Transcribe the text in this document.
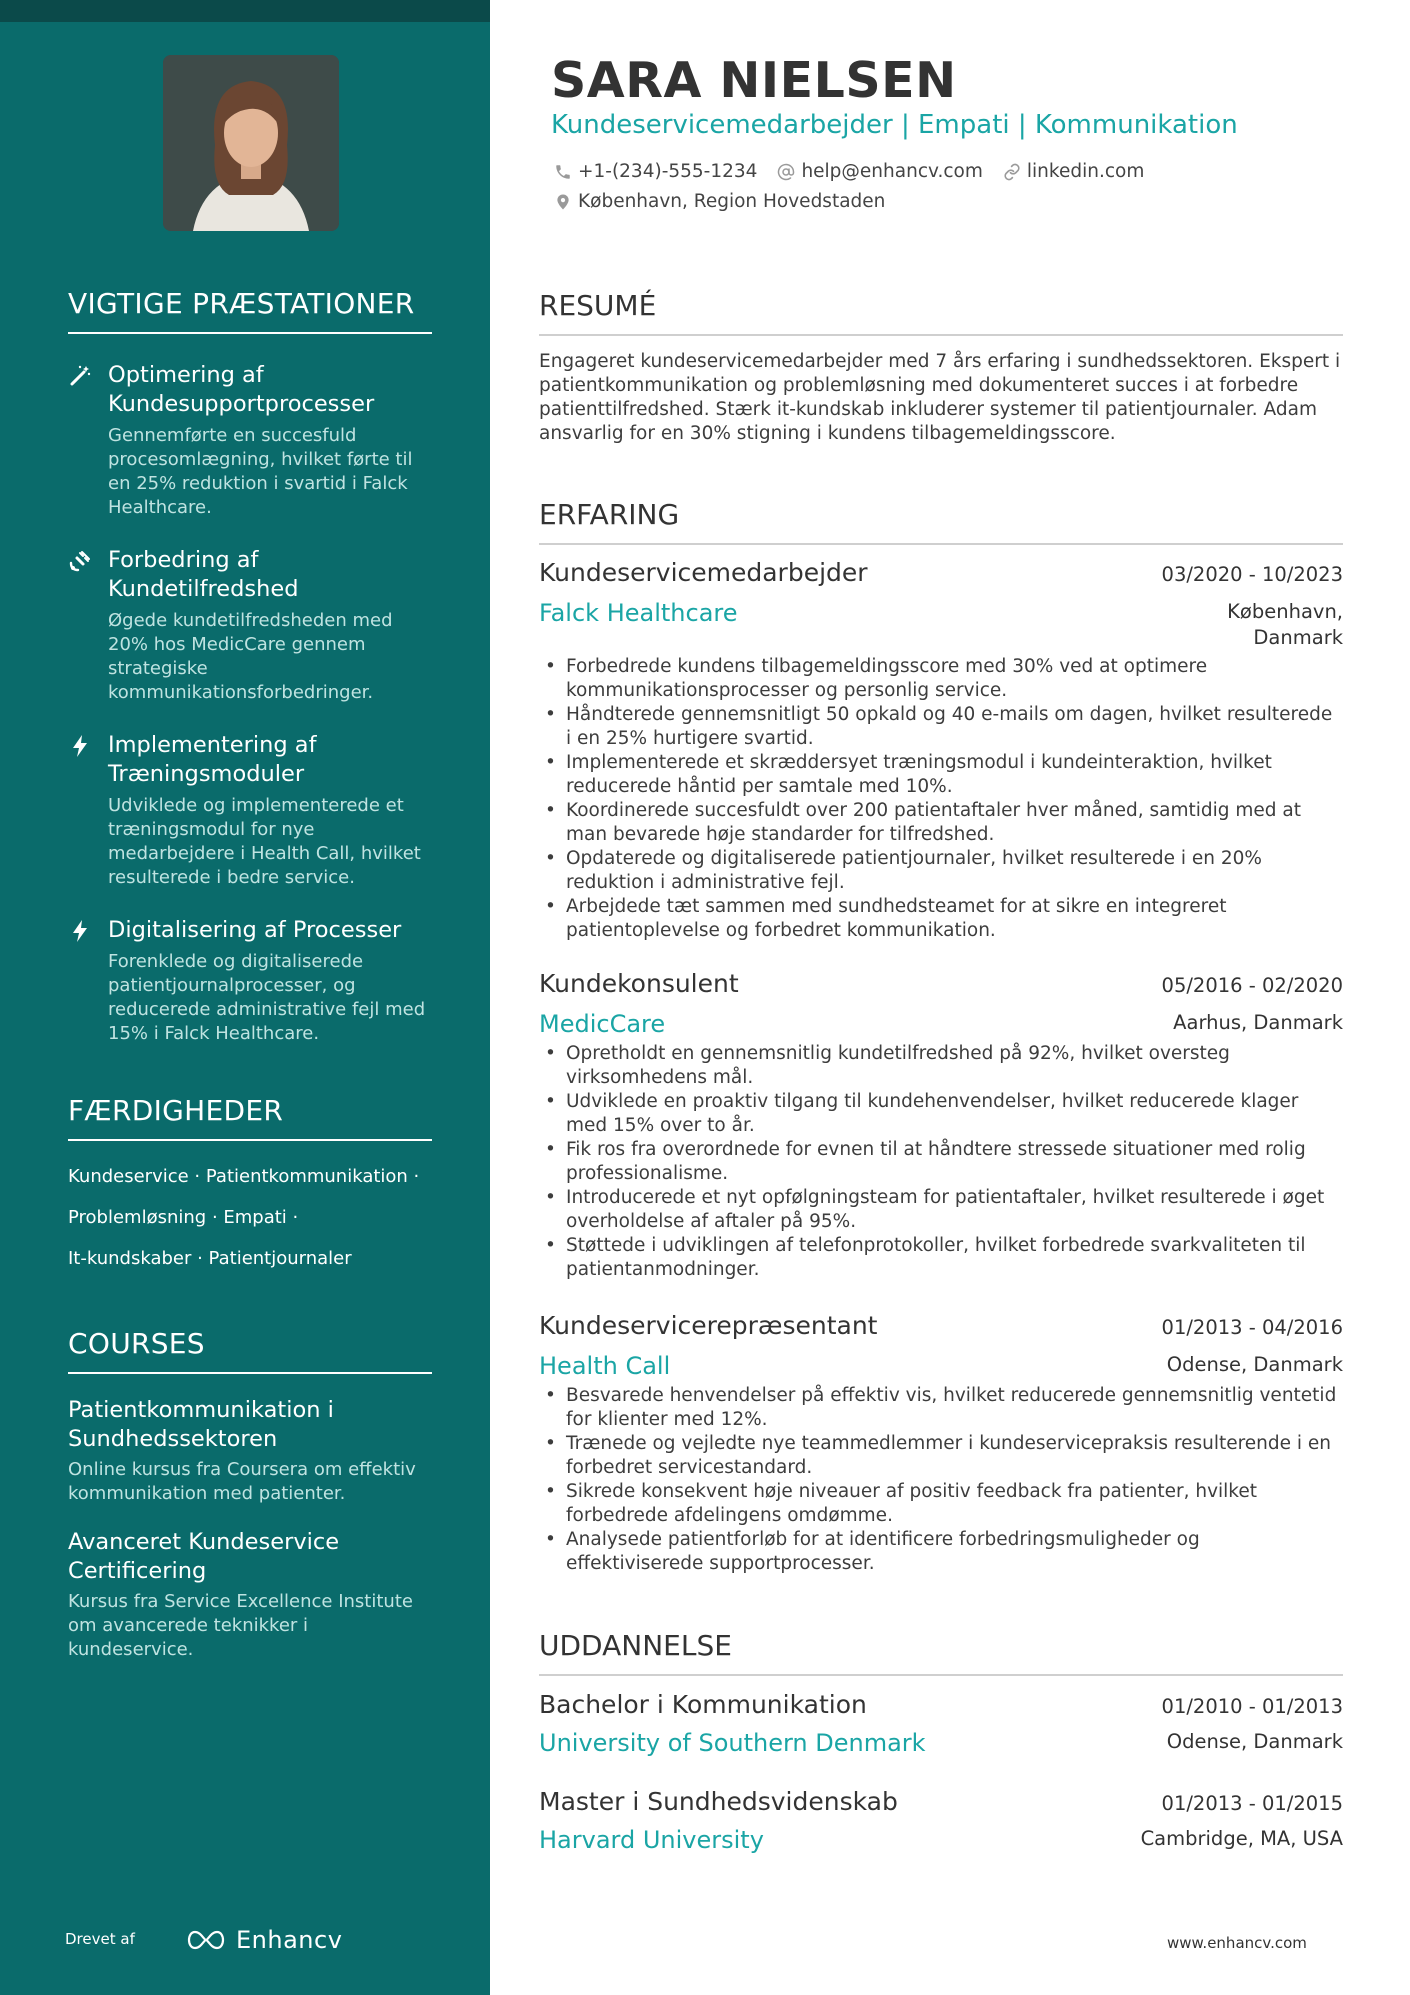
VIGTIGE PRÆSTATIONER
Optimering af Kundesupportprocesser
Gennemførte en succesfuld procesomlægning, hvilket førte til en 25% reduktion i svartid i Falck Healthcare.
Forbedring af Kundetilfredshed
Øgede kundetilfredsheden med 20% hos MedicCare gennem strategiske kommunikationsforbedringer.
Implementering af Træningsmoduler
Udviklede og implementerede et træningsmodul for nye medarbejdere i Health Call, hvilket resulterede i bedre service.
Digitalisering af Processer
Forenklede og digitaliserede patientjournalprocesser, og reducerede administrative fejl med 15% i Falck Healthcare.
FÆRDIGHEDER
Kundeservice · Patientkommunikation ·
Problemløsning · Empati ·
It-kundskaber · Patientjournaler
COURSES
Patientkommunikation i Sundhedssektoren
Online kursus fra Coursera om effektiv kommunikation med patienter.
Avanceret Kundeservice Certificering
Kursus fra Service Excellence Institute om avancerede teknikker i kundeservice.
Drevet af	Enhancv
SARA NIELSEN
Kundeservicemedarbejder | Empati | Kommunikation
+1-(234)-555-1234 help@enhancv.com linkedin.com
København, Region Hovedstaden
RESUMÉ
Engageret kundeservicemedarbejder med 7 års erfaring i sundhedssektoren. Ekspert i patientkommunikation og problemløsning med dokumenteret succes i at forbedre patienttilfredshed. Stærk it-kundskab inkluderer systemer til patientjournaler. Adam ansvarlig for en 30% stigning i kundens tilbagemeldingsscore.
ERFARING
Kundeservicemedarbejder	03/2020 - 10/2023
Falck Healthcare	København,
Danmark
• Forbedrede kundens tilbagemeldingsscore med 30% ved at optimere kommunikationsprocesser og personlig service.
• Håndterede gennemsnitligt 50 opkald og 40 e-mails om dagen, hvilket resulterede i en 25% hurtigere svartid.
• Implementerede et skræddersyet træningsmodul i kundeinteraktion, hvilket reducerede håntid per samtale med 10%.
• Koordinerede succesfuldt over 200 patientaftaler hver måned, samtidig med at man bevarede høje standarder for tilfredshed.
• Opdaterede og digitaliserede patientjournaler, hvilket resulterede i en 20% reduktion i administrative fejl.
• Arbejdede tæt sammen med sundhedsteamet for at sikre en integreret patientoplevelse og forbedret kommunikation.
Kundekonsulent	05/2016 - 02/2020
MedicCare	Aarhus, Danmark
• Opretholdt en gennemsnitlig kundetilfredshed på 92%, hvilket oversteg virksomhedens mål.
• Udviklede en proaktiv tilgang til kundehenvendelser, hvilket reducerede klager med 15% over to år.
• Fik ros fra overordnede for evnen til at håndtere stressede situationer med rolig professionalisme.
• Introducerede et nyt opfølgningsteam for patientaftaler, hvilket resulterede i øget overholdelse af aftaler på 95%.
• Støttede i udviklingen af telefonprotokoller, hvilket forbedrede svarkvaliteten til patientanmodninger.
Kundeservicerepræsentant	01/2013 - 04/2016
Health Call	Odense, Danmark
• Besvarede henvendelser på effektiv vis, hvilket reducerede gennemsnitlig ventetid for klienter med 12%.
• Trænede og vejledte nye teammedlemmer i kundeservicepraksis resulterende i en forbedret servicestandard.
• Sikrede konsekvent høje niveauer af positiv feedback fra patienter, hvilket forbedrede afdelingens omdømme.
• Analysede patientforløb for at identificere forbedringsmuligheder og effektiviserede supportprocesser.
UDDANNELSE
Bachelor i Kommunikation	01/2010 - 01/2013
University of Southern Denmark	Odense, Danmark
Master i Sundhedsvidenskab	01/2013 - 01/2015
Harvard University	Cambridge, MA, USA
www.enhancv.com
